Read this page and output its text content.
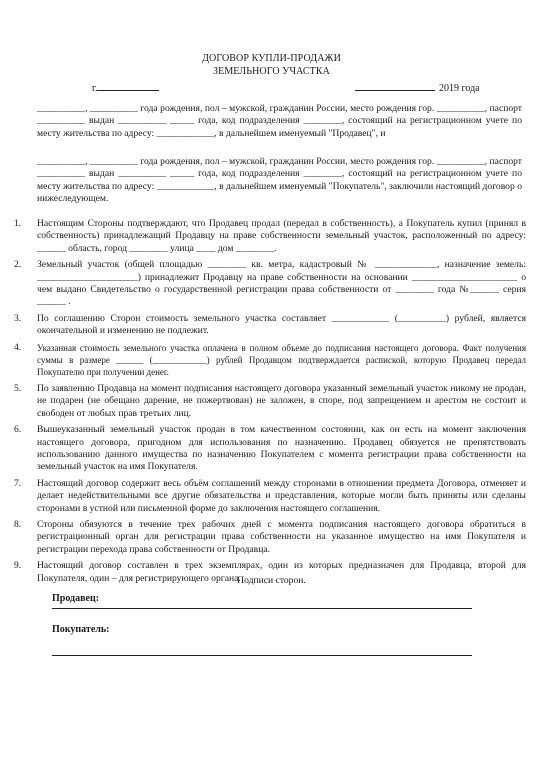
ДОГОВОР КУПЛИ-ПРОДАЖИ
ЗЕМЕЛЬНОГО УЧАСТКА
г.	2019 года
__________, __________ года рождения, пол – мужской, гражданин России, место рождения гор. __________, паспорт __________ выдан __________ _____ года, код подразделения ________, состоящий на регистрационном учете по месту жительства по адресу: ____________, в дальнейшем именуемый "Продавец", и
__________, __________ года рождения, пол – мужской, гражданин России, место рождения гор. __________, паспорт __________ выдан __________ _____ года, код подразделения ________, состоящий на регистрационном учете по месту жительства по адресу: ____________, в дальнейшем именуемый "Покупатель", заключили настоящий договор о нижеследующем.
1.	Настоящим Стороны подтверждают, что Продавец продал (передал в собственность), а Покупатель купил (принял в собственность) принадлежащий Продавцу на праве собственности земельный участок, расположенный по адресу: ______ область, город ________ улица ____ дом ________.
2.	Земельный участок (общей площадью ________ кв. метра, кадастровый № _____________, назначение земель: _____________________) принадлежит Продавцу на праве собственности на основании ______________________ о чем выдано Свидетельство о государственной регистрации права собственности от ________ года №______ серия ______ .
3.	По соглашению Сторон стоимость земельного участка составляет ____________ (__________) рублей, является окончательной и изменению не подлежит.
4.	Указанная стоимость земельного участка оплачена в полном объеме до подписания настоящего договора. Факт получения суммы в размере ______ (____________) рублей Продавцом подтверждается распиской, которую Продавец передал Покупателю при получении денег.
5.	По заявлению Продавца на момент подписания настоящего договора указанный земельный участок никому не продан, не подарен (не обещано дарение, не пожертвован) не заложен, в споре, под запрещением и арестом не состоит и свободен от любых прав третьих лиц.
6.	Вышеуказанный земельный участок продан в том качественном состоянии, как он есть на момент заключения настоящего договора, пригодном для использования по назначению. Продавец обязуется не препятствовать использованию данного имущества по назначению Покупателем с момента регистрации права собственности на земельный участок на имя Покупателя.
7.	Настоящий договор содержит весь объём соглашений между сторонами в отношении предмета Договора, отменяет и делает недействительными все другие обязательства и представления, которые могли быть приняты или сделаны сторонами в устной или письменной форме до заключения настоящего соглашения.
8.	Стороны обязуются в течение трех рабочих дней с момента подписания настоящего договора обратиться в регистрационный орган для регистрации права собственности на указанное имущество на имя Покупателя и регистрации перехода права собственности от Продавца.
9.	Настоящий договор составлен в трех экземплярах, один из которых предназначен для Продавца, второй для Покупателя, один – для регистрирующего органа.
Подписи сторон.
Продавец:
Покупатель:
